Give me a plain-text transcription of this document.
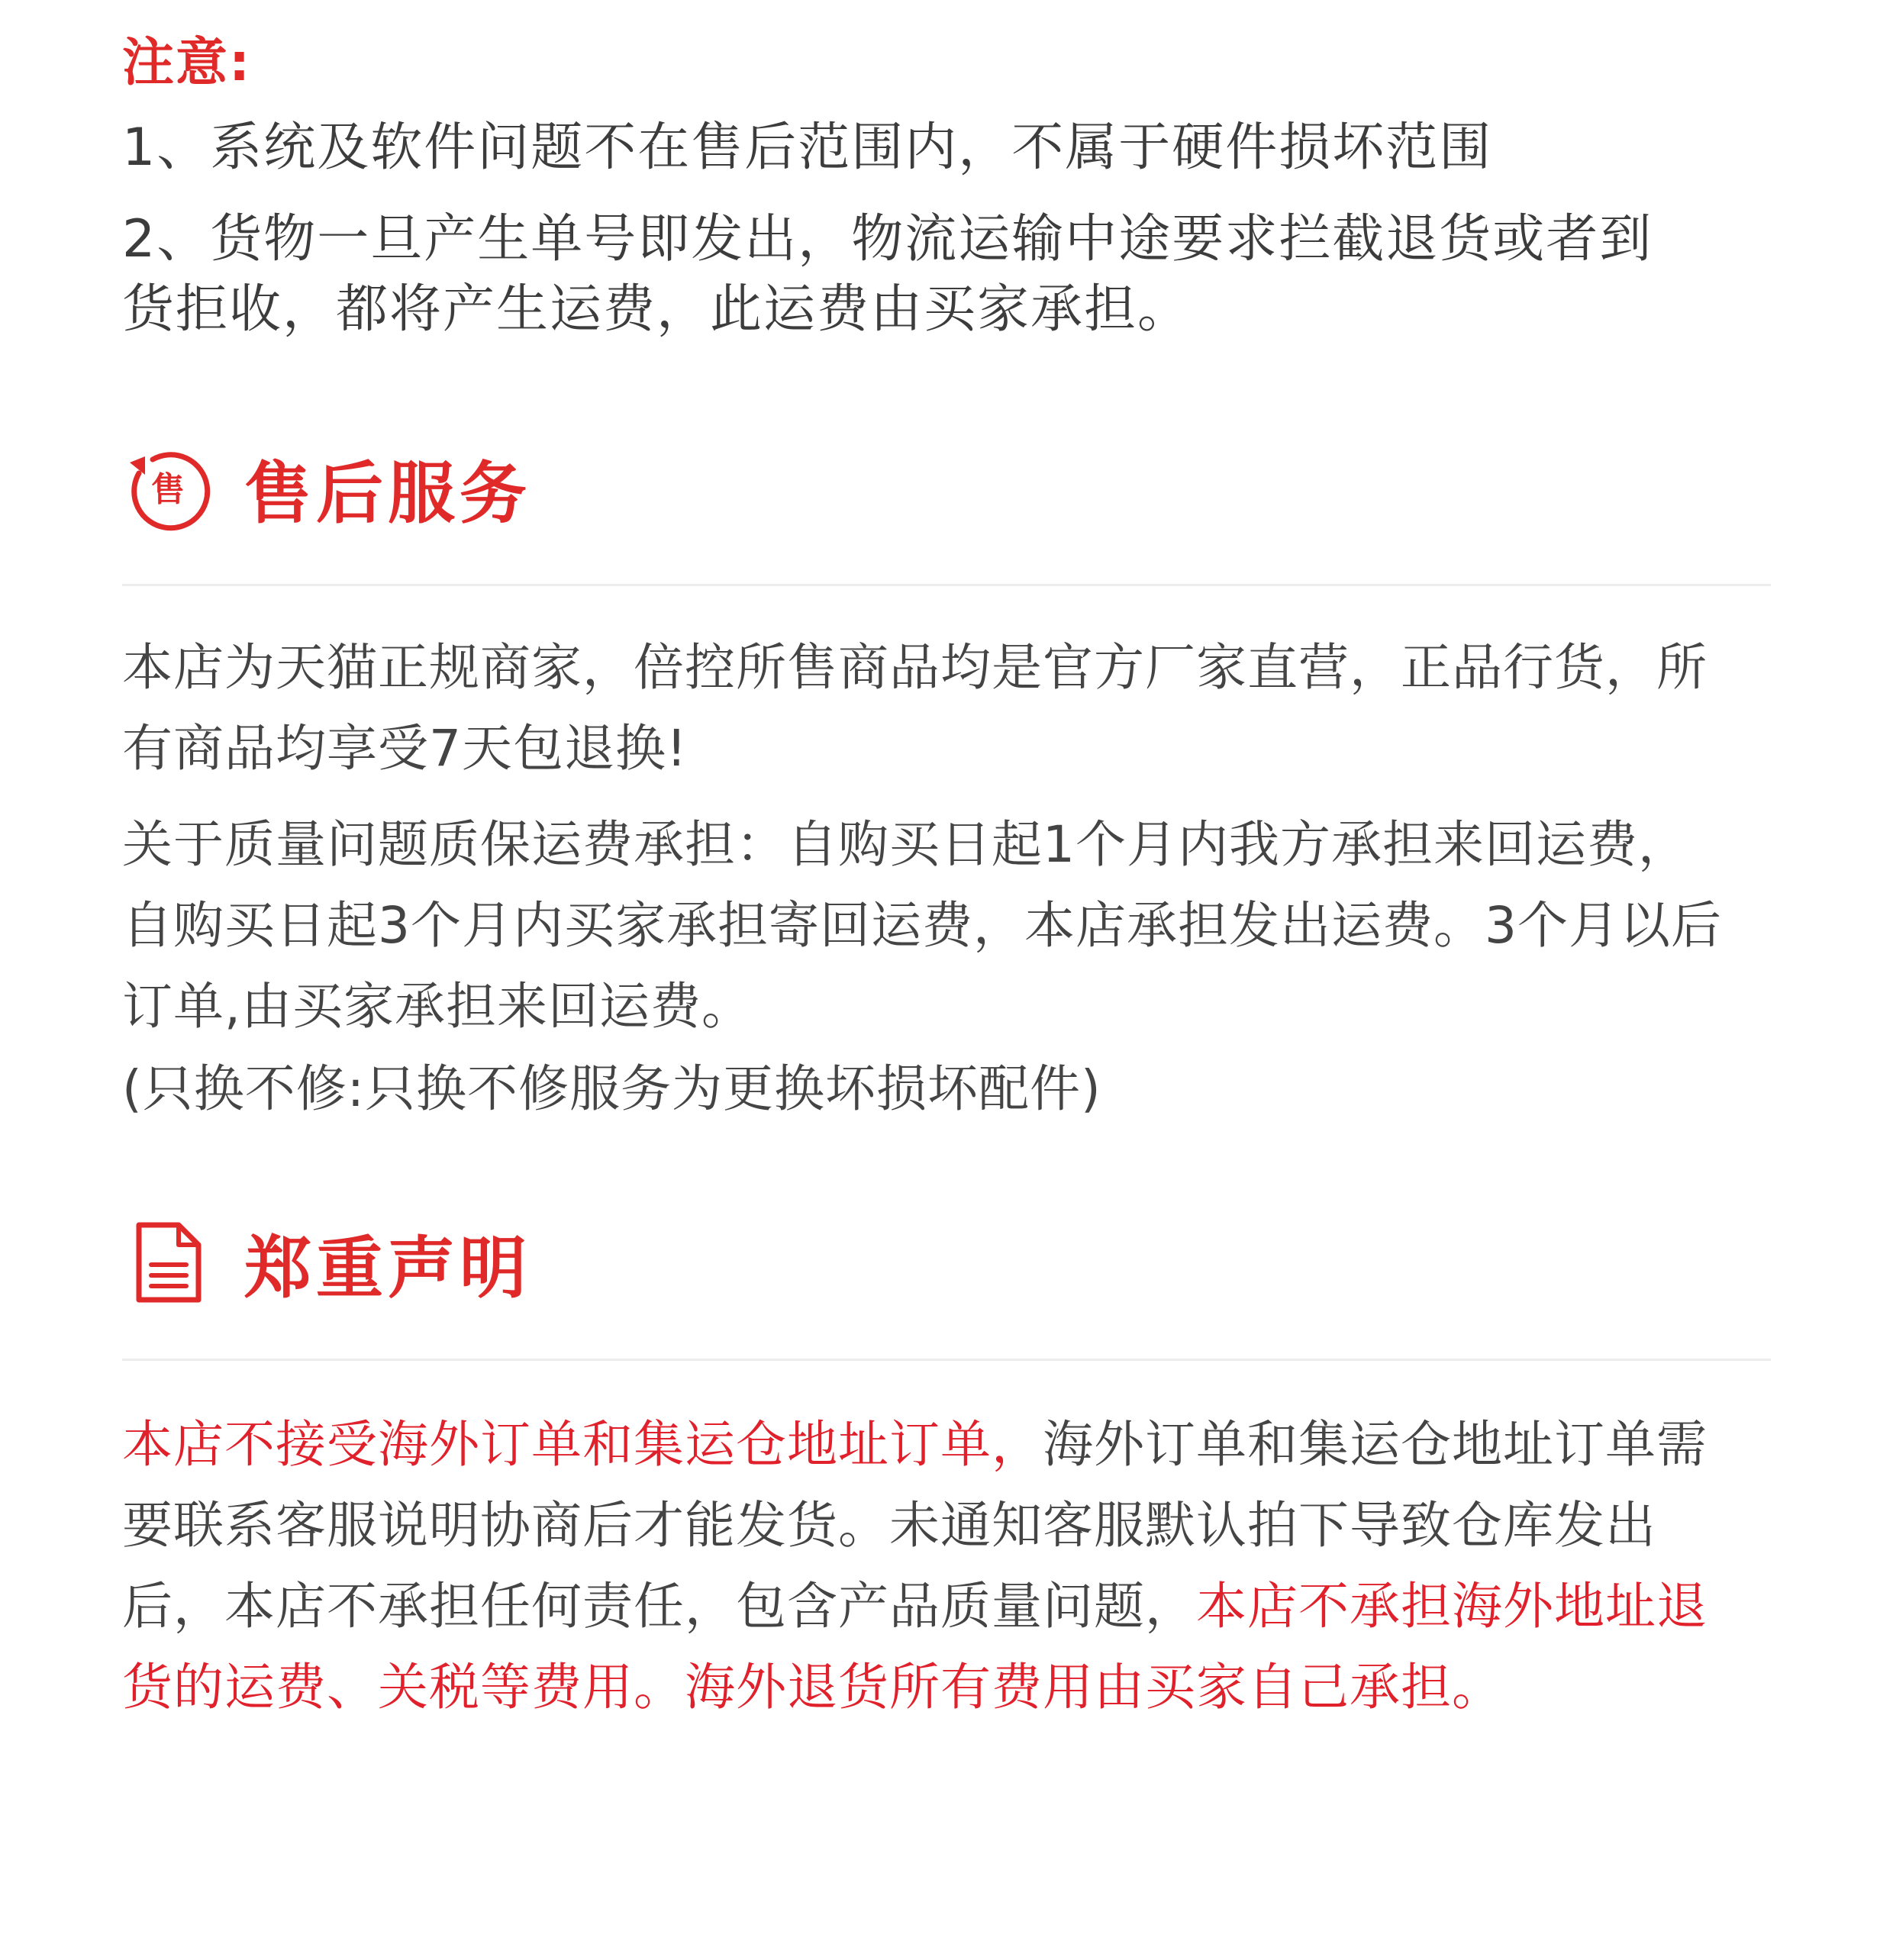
注意:
1、系统及软件问题不在售后范围内，不属于硬件损坏范围
2、货物一旦产生单号即发出，物流运输中途要求拦截退货或者到货拒收，都将产生运费，此运费由买家承担。
售 售后服务
本店为天猫正规商家，倍控所售商品均是官方厂家直营，正品行货，所有商品均享受7天包退换!
关于质量问题质保运费承担：自购买日起1个月内我方承担来回运费，自购买日起3个月内买家承担寄回运费，本店承担发出运费。3个月以后订单,由买家承担来回运费。
(只换不修:只换不修服务为更换坏损坏配件)
郑重声明
本店不接受海外订单和集运仓地址订单，海外订单和集运仓地址订单需要联系客服说明协商后才能发货。未通知客服默认拍下导致仓库发出后，本店不承担任何责任，包含产品质量问题，本店不承担海外地址退货的运费、关税等费用。海外退货所有费用由买家自己承担。
